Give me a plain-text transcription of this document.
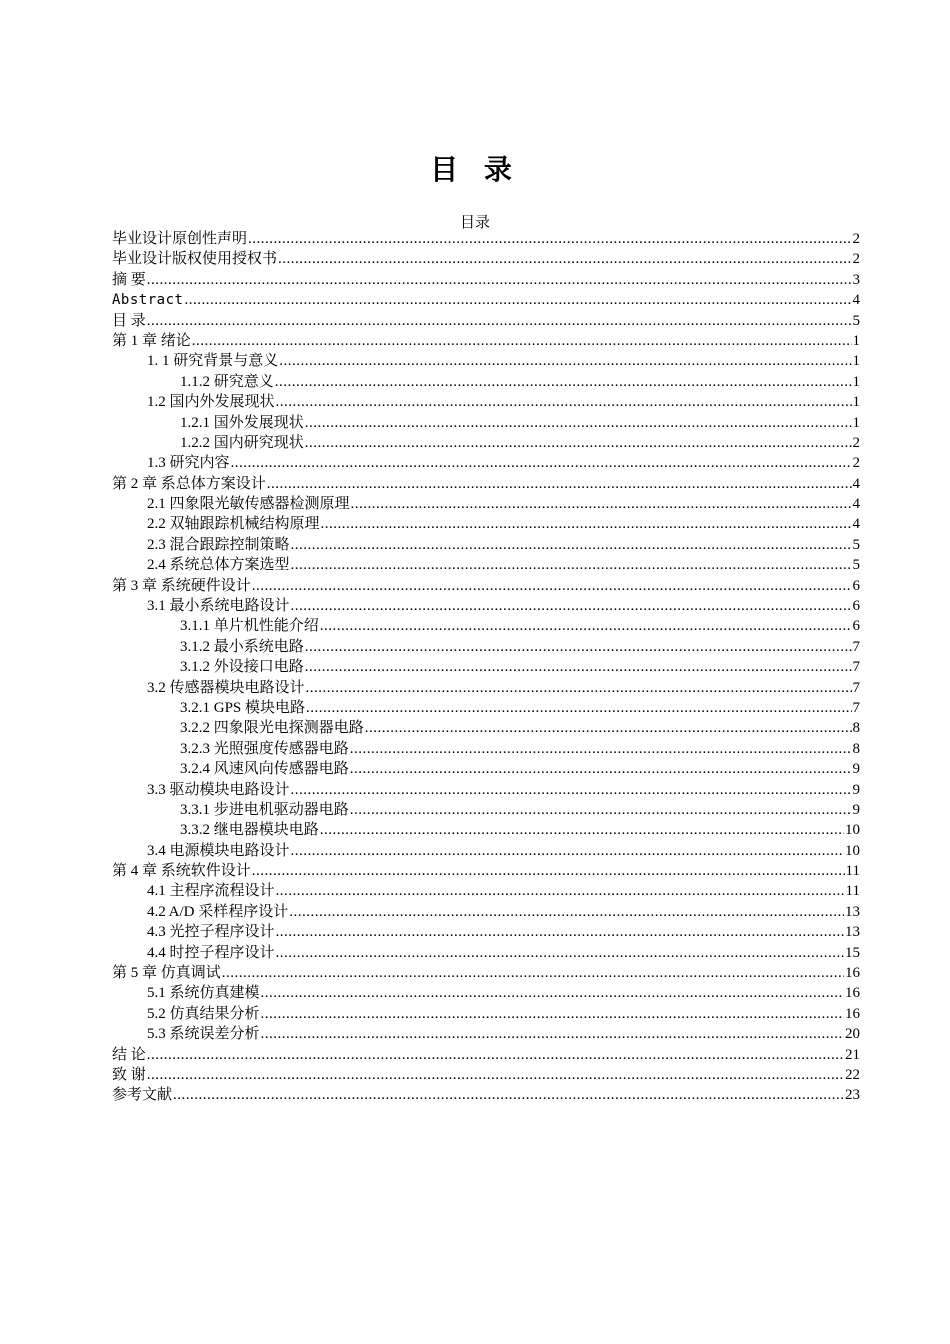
目 录
目录
毕业设计原创性声明 .....	2
毕业设计版权使用授权书 .....	2
摘 要 .....	3
Abstract .....	4
目 录 .....	5
第 1 章 绪论 .....	1
1. 1 研究背景与意义 .....	1
1.1.2 研究意义 .....	1
1.2 国内外发展现状 .....	1
1.2.1 国外发展现状 .....	1
1.2.2 国内研究现状 .....	2
1.3 研究内容 .....	2
第 2 章 系总体方案设计 .....	4
2.1 四象限光敏传感器检测原理 .....	4
2.2 双轴跟踪机械结构原理 .....	4
2.3 混合跟踪控制策略 .....	5
2.4 系统总体方案选型 .....	5
第 3 章 系统硬件设计 .....	6
3.1 最小系统电路设计 .....	6
3.1.1 单片机性能介绍 .....	6
3.1.2 最小系统电路 .....	7
3.1.2 外设接口电路 .....	7
3.2 传感器模块电路设计 .....	7
3.2.1 GPS 模块电路 .....	7
3.2.2 四象限光电探测器电路 .....	8
3.2.3 光照强度传感器电路 .....	8
3.2.4 风速风向传感器电路 .....	9
3.3 驱动模块电路设计 .....	9
3.3.1 步进电机驱动器电路 .....	9
3.3.2 继电器模块电路 .....	10
3.4 电源模块电路设计 .....	10
第 4 章 系统软件设计 .....	11
4.1 主程序流程设计 .....	11
4.2 A/D 采样程序设计 .....	13
4.3 光控子程序设计 .....	13
4.4 时控子程序设计 .....	15
第 5 章 仿真调试 .....	16
5.1 系统仿真建模 .....	16
5.2 仿真结果分析 .....	16
5.3 系统误差分析 .....	20
结 论 .....	21
致 谢 .....	22
参考文献 .....	23
